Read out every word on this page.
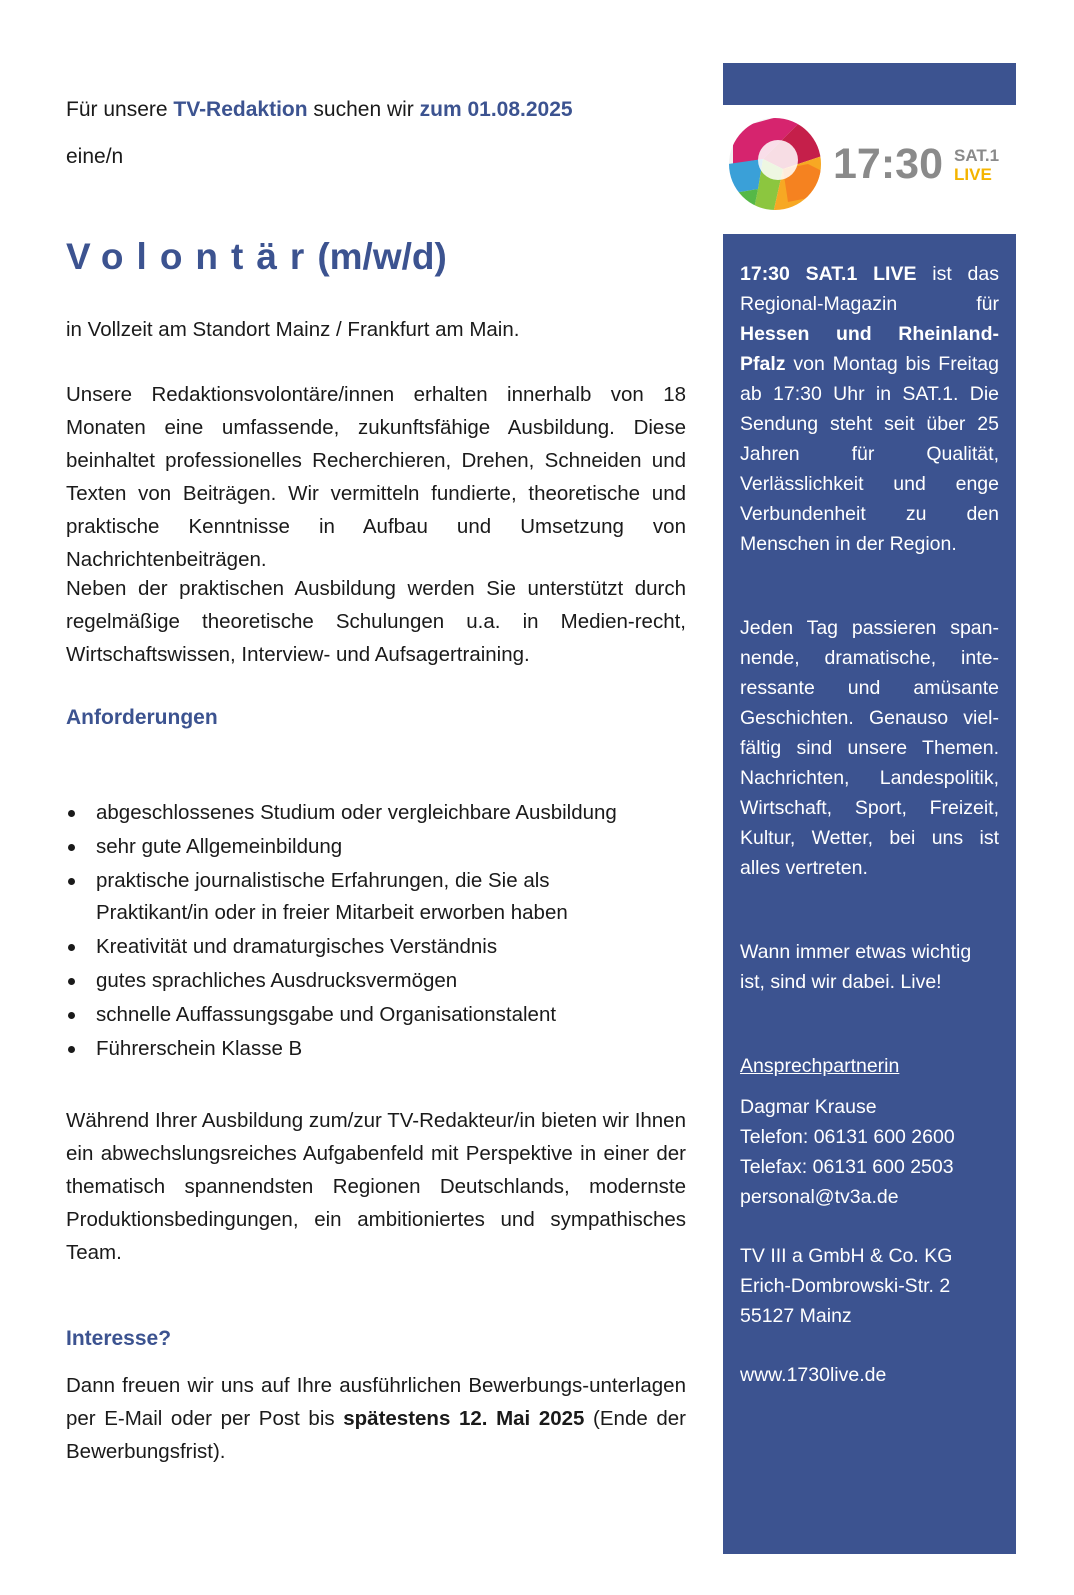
Für unsere TV-Redaktion suchen wir zum 01.08.2025
eine/n
Volontär(m/w/d)
in Vollzeit am Standort Mainz / Frankfurt am Main.
Unsere Redaktionsvolontäre/innen erhalten innerhalb von 18 Monaten eine umfassende, zukunftsfähige Ausbildung. Diese beinhaltet professionelles Recherchieren, Drehen, Schneiden und Texten von Beiträgen. Wir vermitteln fundierte, theoretische und praktische Kenntnisse in Aufbau und Umsetzung von Nachrichtenbeiträgen.
Neben der praktischen Ausbildung werden Sie unterstützt durch regelmäßige theoretische Schulungen u.a. in Medien-recht, Wirtschaftswissen, Interview- und Aufsagertraining.
Anforderungen
abgeschlossenes Studium oder vergleichbare Ausbildung
sehr gute Allgemeinbildung
praktische journalistische Erfahrungen, die Sie als Praktikant/in oder in freier Mitarbeit erworben haben
Kreativität und dramaturgisches Verständnis
gutes sprachliches Ausdrucksvermögen
schnelle Auffassungsgabe und Organisationstalent
Führerschein Klasse B
Während Ihrer Ausbildung zum/zur TV-Redakteur/in bieten wir Ihnen ein abwechslungsreiches Aufgabenfeld mit Perspektive in einer der thematisch spannendsten Regionen Deutschlands, modernste Produktionsbedingungen, ein ambitioniertes und sympathisches Team.
Interesse?
Dann freuen wir uns auf Ihre ausführlichen Bewerbungs-unterlagen per E-Mail oder per Post bis spätestens 12. Mai 2025 (Ende der Bewerbungsfrist).
17:30 SAT.1
LIVE

17:30 SAT.1 LIVE ist das Regional-Magazin für Hessen und Rheinland-Pfalz von Montag bis Freitag ab 17:30 Uhr in SAT.1. Die Sendung steht seit über 25 Jahren für Qualität, Verlässlichkeit und enge Verbundenheit zu den Menschen in der Region.

Jeden Tag passieren span-nende, dramatische, inte-ressante und amüsante Geschichten. Genauso viel-fältig sind unsere Themen. Nachrichten, Landespolitik, Wirtschaft, Sport, Freizeit, Kultur, Wetter, bei uns ist alles vertreten.

Wann immer etwas wichtig ist, sind wir dabei. Live!

Ansprechpartnerin

Dagmar Krause

Telefon: 06131 600 2600

Telefax: 06131 600 2503

personal@tv3a.de

TV III a GmbH & Co. KG

Erich-Dombrowski-Str. 2

55127 Mainz

www.1730live.de
